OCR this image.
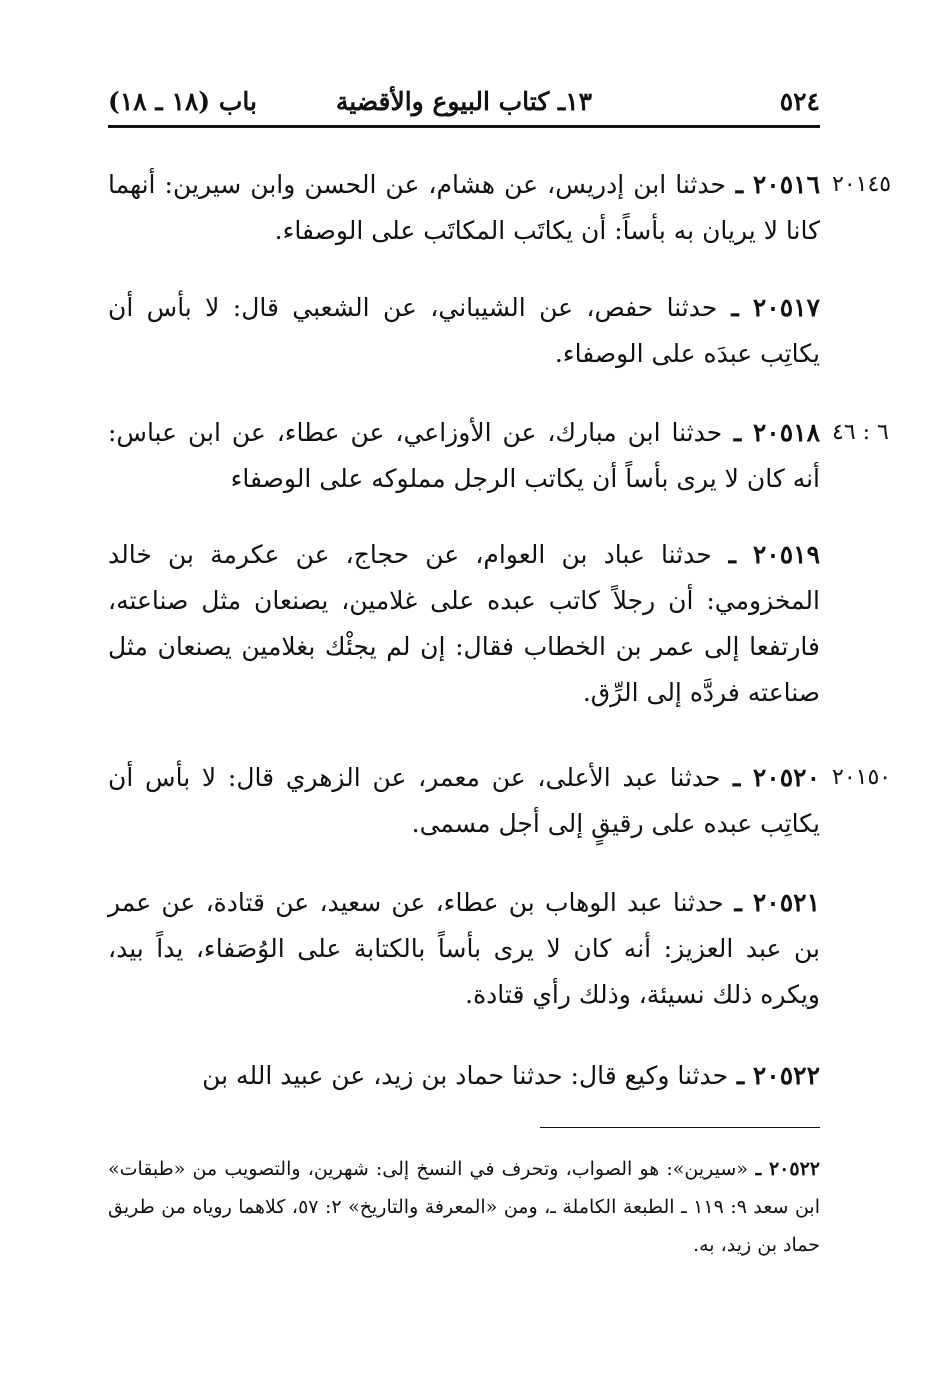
٥٢٤
١٣ـ كتاب البيوع والأقضية
باب (١٨ ـ ١٨)
٢٠١٤٥
٦ : ٤٦
٢٠١٥٠
٢٠٥١٦ ـ حدثنا ابن إدريس، عن هشام، عن الحسن وابن سيرين: أنهما كانا لا يريان به بأساً: أن يكاتَب المكاتَب على الوصفاء.
٢٠٥١٧ ـ حدثنا حفص، عن الشيباني، عن الشعبي قال: لا بأس أن يكاتِب عبدَه على الوصفاء.
٢٠٥١٨ ـ حدثنا ابن مبارك، عن الأوزاعي، عن عطاء، عن ابن عباس: أنه كان لا يرى بأساً أن يكاتب الرجل مملوكه على الوصفاء
٢٠٥١٩ ـ حدثنا عباد بن العوام، عن حجاج، عن عكرمة بن خالد المخزومي: أن رجلاً كاتب عبده على غلامين، يصنعان مثل صناعته، فارتفعا إلى عمر بن الخطاب فقال: إن لم يجئْك بغلامين يصنعان مثل صناعته فردَّه إلى الرِّق.
٢٠٥٢٠ ـ حدثنا عبد الأعلى، عن معمر، عن الزهري قال: لا بأس أن يكاتِب عبده على رقيقٍ إلى أجل مسمى.
٢٠٥٢١ ـ حدثنا عبد الوهاب بن عطاء، عن سعيد، عن قتادة، عن عمر بن عبد العزيز: أنه كان لا يرى بأساً بالكتابة على الوُصَفاء، يداً بيد، ويكره ذلك نسيئة، وذلك رأي قتادة.
٢٠٥٢٢ ـ حدثنا وكيع قال: حدثنا حماد بن زيد، عن عبيد الله بن
٢٠٥٢٢ ـ «سيرين»: هو الصواب، وتحرف في النسخ إلى: شهرين، والتصويب من «طبقات» ابن سعد ٩: ١١٩ ـ الطبعة الكاملة ـ، ومن «المعرفة والتاريخ» ٢: ٥٧، كلاهما روياه من طريق حماد بن زيد، به.
